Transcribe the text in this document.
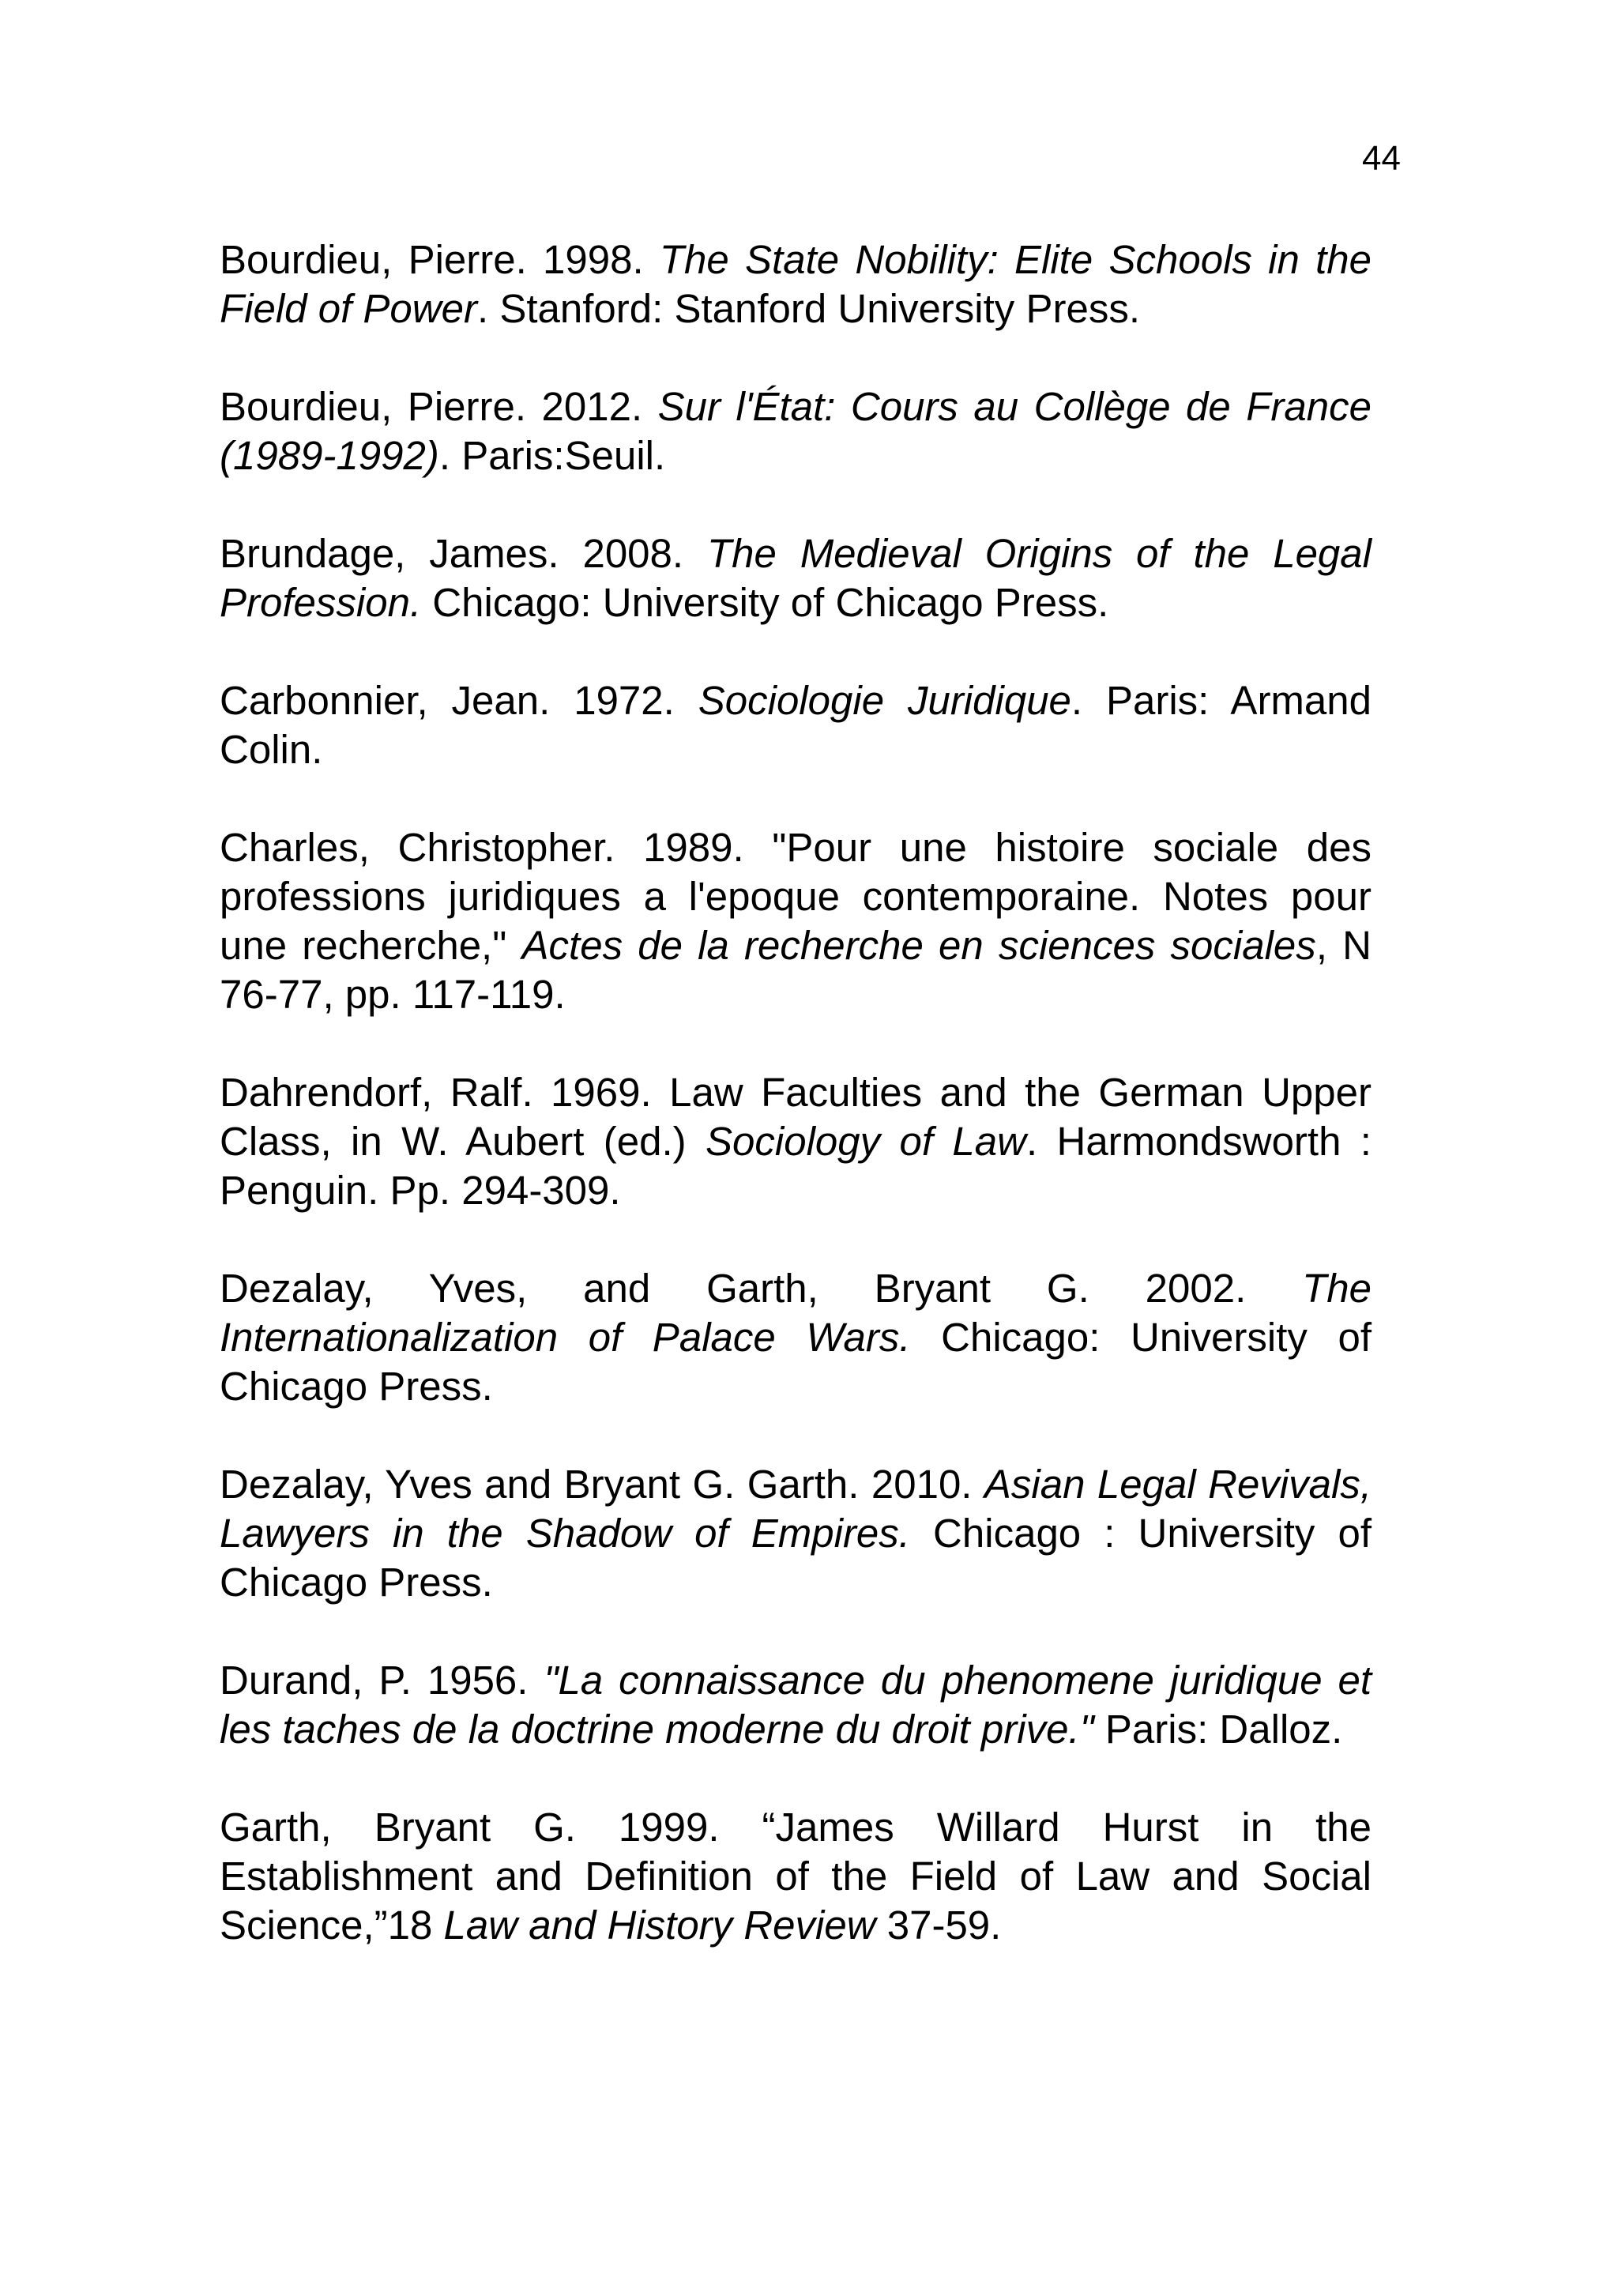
44

Bourdieu, Pierre. 1998. The State Nobility: Elite Schools in the Field of Power. Stanford: Stanford University Press.

Bourdieu, Pierre. 2012. Sur l'État: Cours au Collège de France (1989-1992). Paris:Seuil.

Brundage, James. 2008. The Medieval Origins of the Legal Profession. Chicago: University of Chicago Press.

Carbonnier, Jean. 1972. Sociologie Juridique. Paris: Armand Colin.

Charles, Christopher. 1989. "Pour une histoire sociale des professions juridiques a l'epoque contemporaine. Notes pour une recherche," Actes de la recherche en sciences sociales, N 76-77, pp. 117-119.

Dahrendorf, Ralf. 1969. Law Faculties and the German Upper Class, in W. Aubert (ed.) Sociology of Law. Harmondsworth : Penguin. Pp. 294-309.

Dezalay, Yves, and Garth, Bryant G. 2002. The Internationalization of Palace Wars. Chicago: University of Chicago Press.

Dezalay, Yves and Bryant G. Garth. 2010. Asian Legal Revivals, Lawyers in the Shadow of Empires. Chicago : University of Chicago Press.

Durand, P. 1956. "La connaissance du phenomene juridique et les taches de la doctrine moderne du droit prive." Paris: Dalloz.

Garth, Bryant G. 1999. “James Willard Hurst in the Establishment and Definition of the Field of Law and Social Science,”18 Law and History Review 37-59.
